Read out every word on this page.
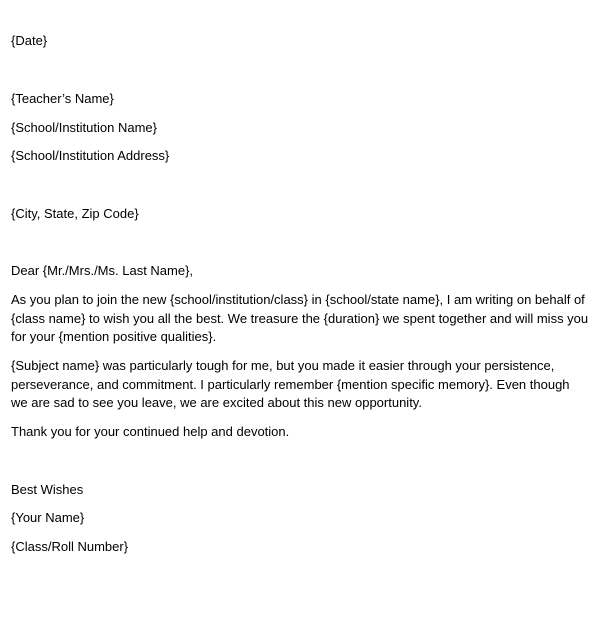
{Date}

{Teacher’s Name}

{School/Institution Name}

{School/Institution Address}

{City, State, Zip Code}

Dear {Mr./Mrs./Ms. Last Name},

As you plan to join the new {school/institution/class} in {school/state name}, I am writing on behalf of {class name} to wish you all the best. We treasure the {duration} we spent together and will miss you for your {mention positive qualities}.

{Subject name} was particularly tough for me, but you made it easier through your persistence, perseverance, and commitment. I particularly remember {mention specific memory}. Even though we are sad to see you leave, we are excited about this new opportunity.

Thank you for your continued help and devotion.

Best Wishes

{Your Name}

{Class/Roll Number}
